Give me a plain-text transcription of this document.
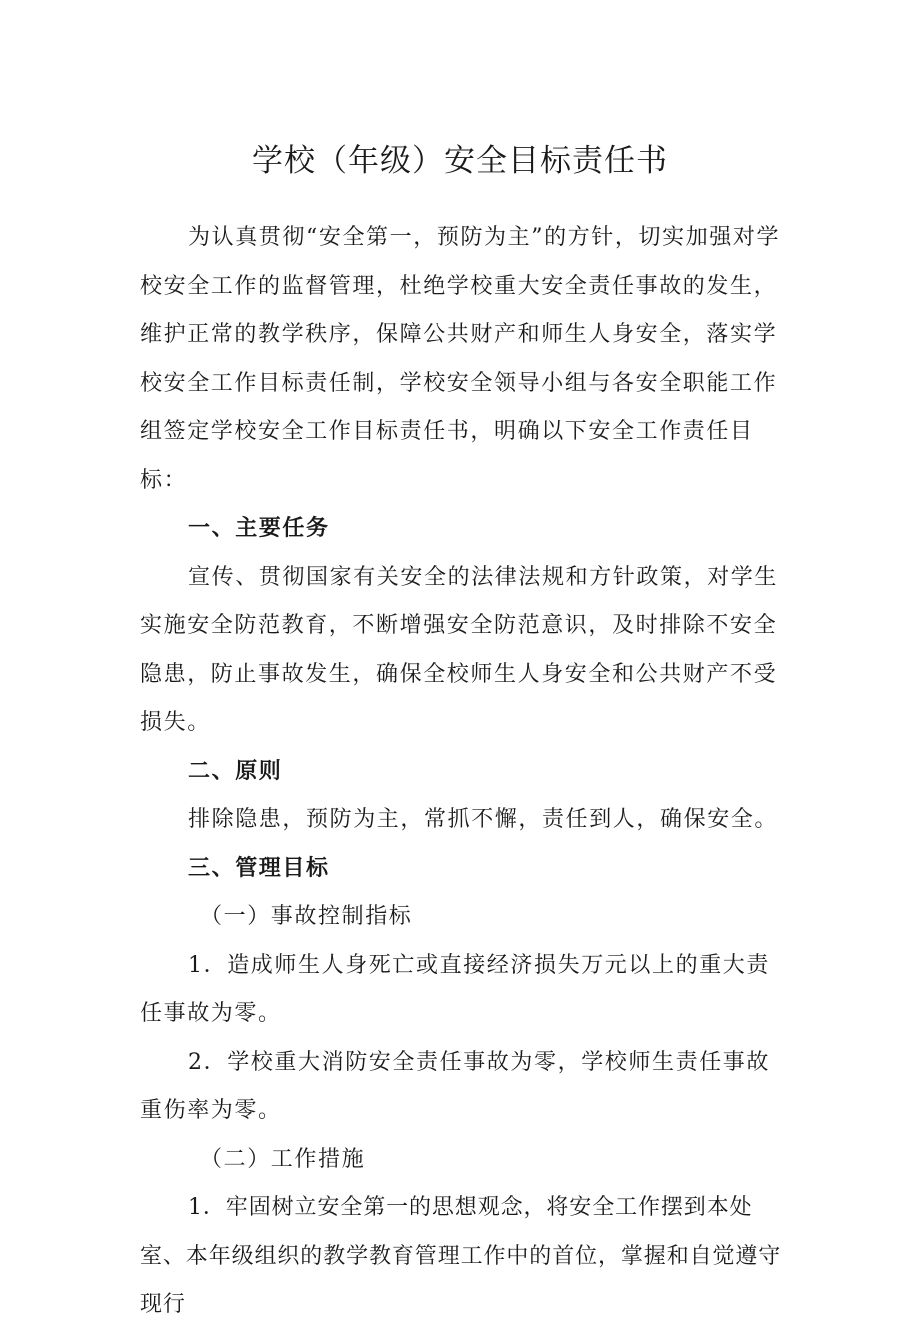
学校（年级）安全目标责任书

为认真贯彻“安全第一，预防为主”的方针，切实加强对学校安全工作的监督管理，杜绝学校重大安全责任事故的发生，维护正常的教学秩序，保障公共财产和师生人身安全，落实学校安全工作目标责任制，学校安全领导小组与各安全职能工作组签定学校安全工作目标责任书，明确以下安全工作责任目标：

一、主要任务

宣传、贯彻国家有关安全的法律法规和方针政策，对学生实施安全防范教育，不断增强安全防范意识，及时排除不安全隐患，防止事故发生，确保全校师生人身安全和公共财产不受损失。

二、原则

排除隐患，预防为主，常抓不懈，责任到人，确保安全。

三、管理目标

（一）事故控制指标

1．造成师生人身死亡或直接经济损失万元以上的重大责任事故为零。

2．学校重大消防安全责任事故为零，学校师生责任事故重伤率为零。

（二）工作措施

1．牢固树立安全第一的思想观念，将安全工作摆到本处室、本年级组织的教学教育管理工作中的首位，掌握和自觉遵守现行
